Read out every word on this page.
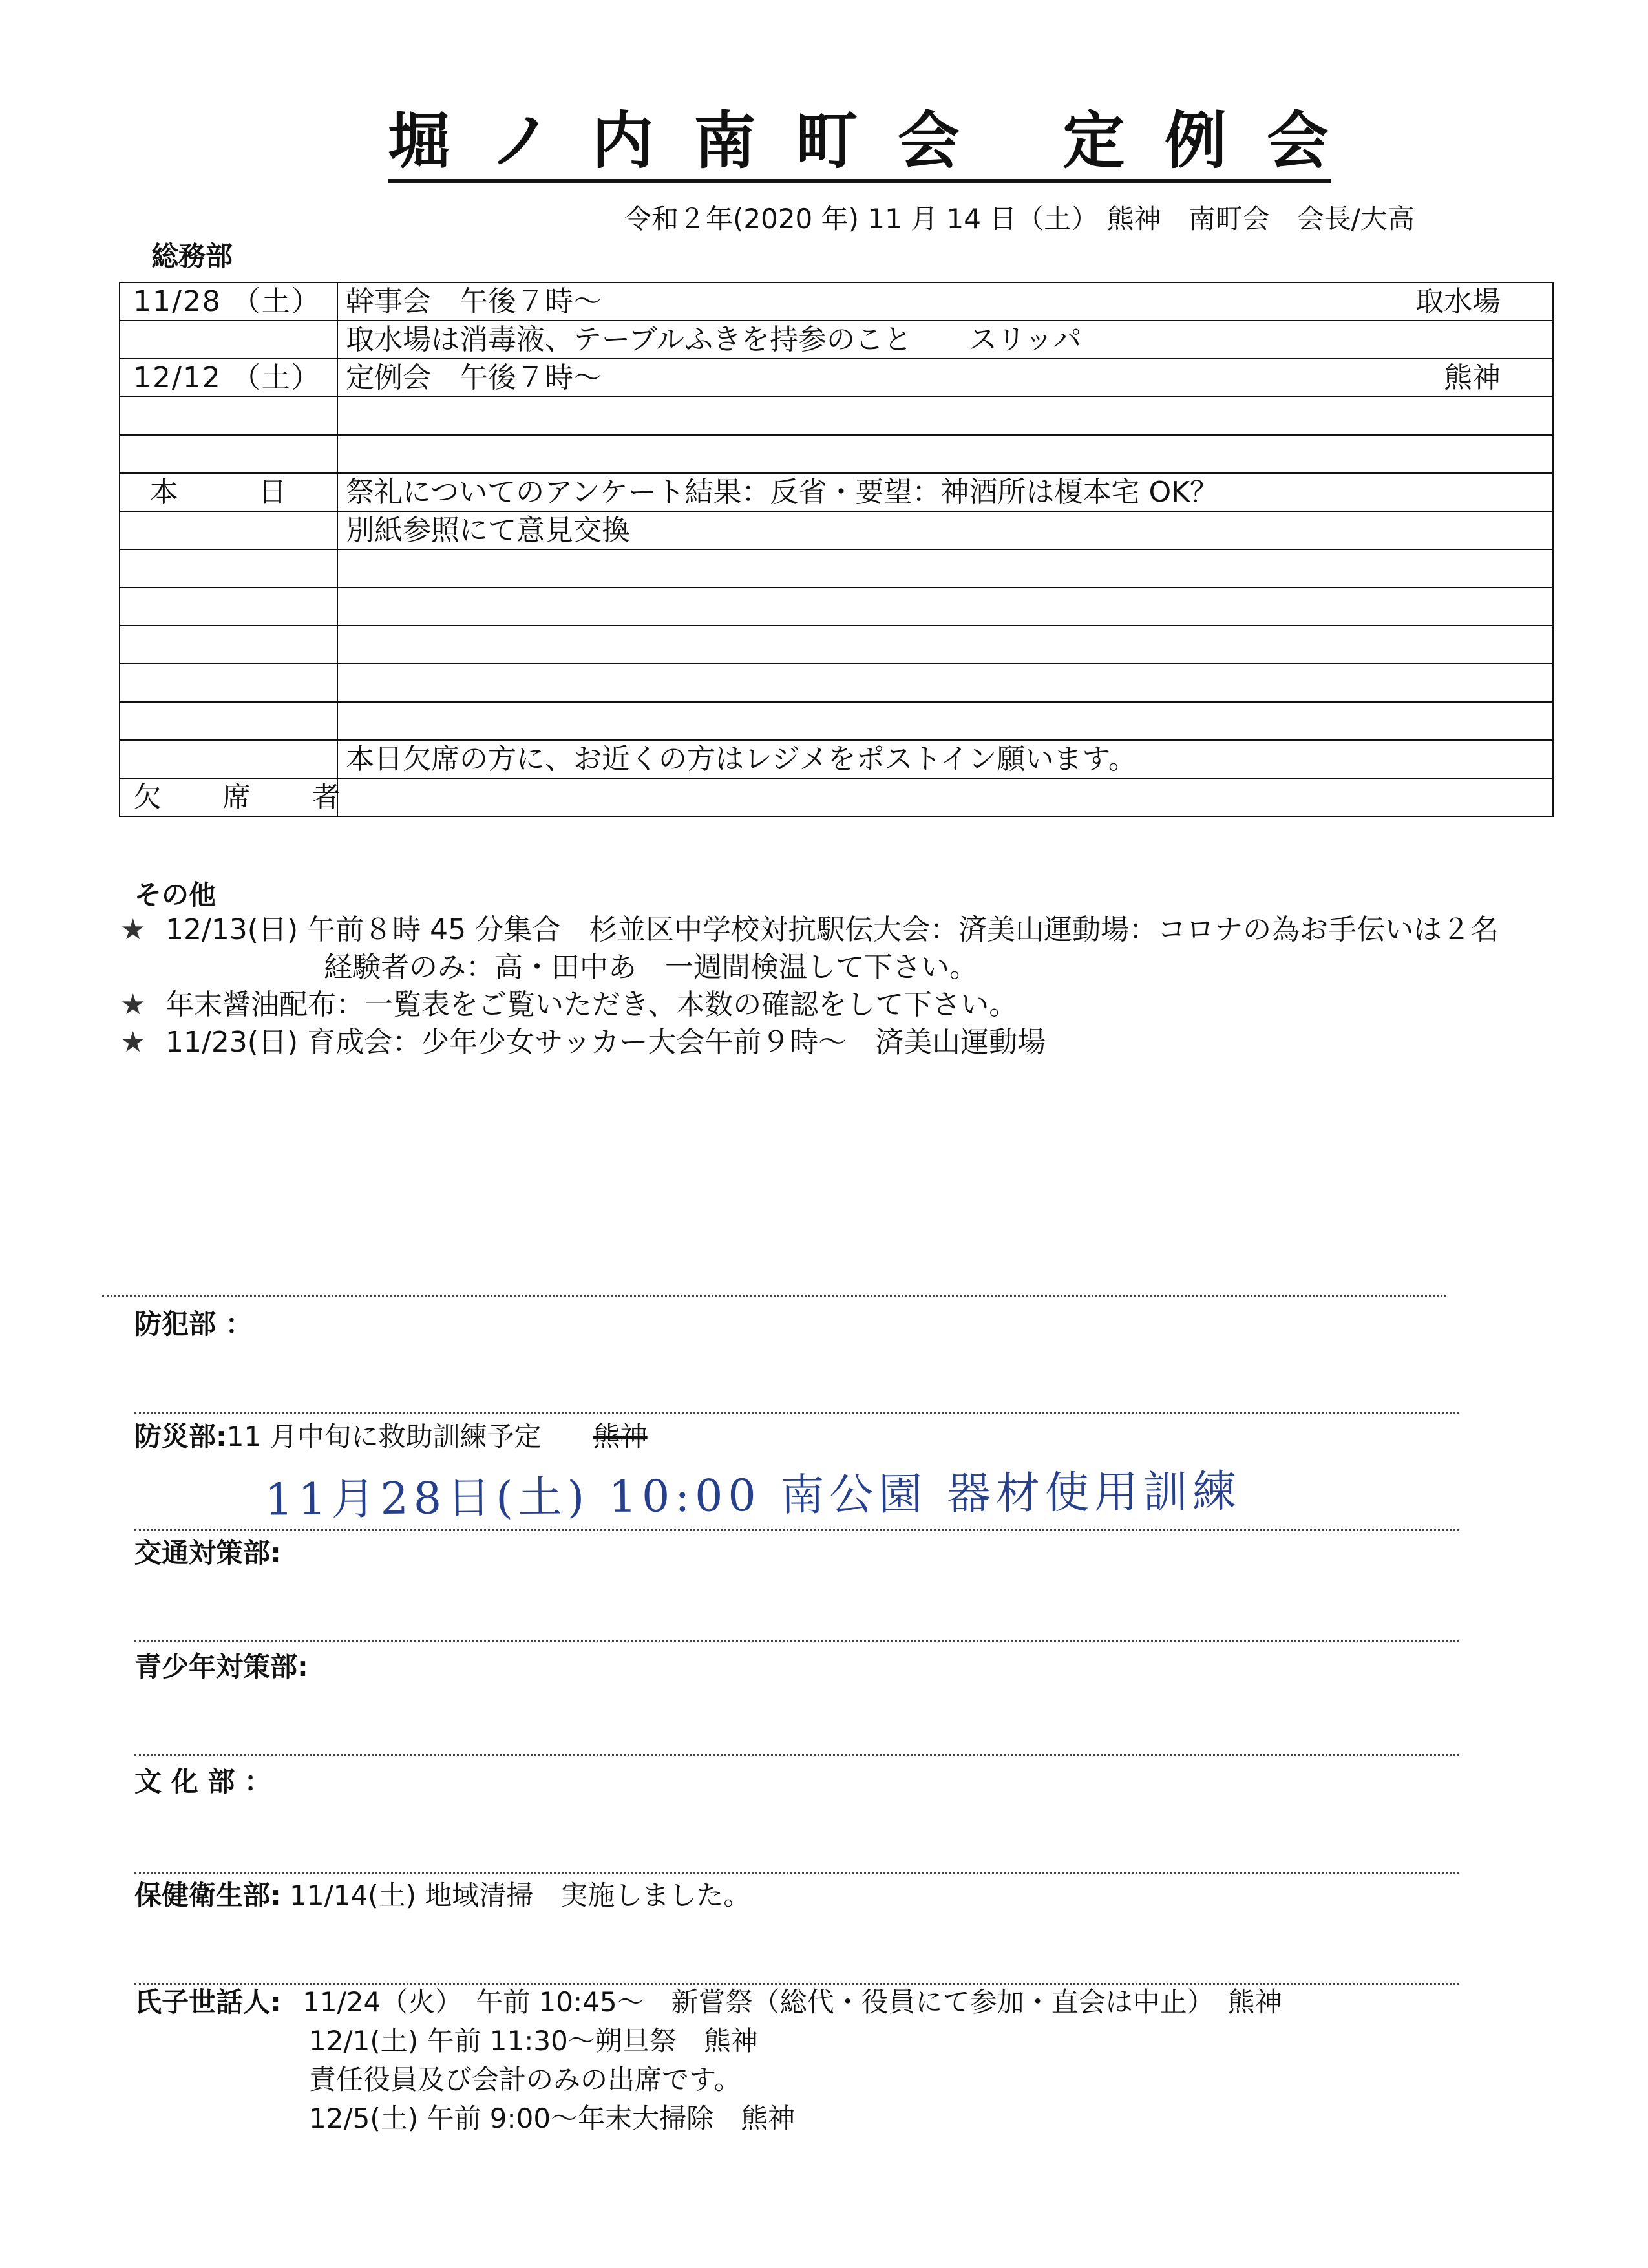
堀 ノ 内 南 町 会 定 例 会
令和２年(2020 年) 11 月 14 日（土） 熊神　南町会　会長/大高
総務部
11/28 （土）	幹事会　午後７時～ 取水場

	取水場は消毒液、テーブルふきを持参のこと　　スリッパ
12/12 （土）	定例会　午後７時～ 熊神

本　日	祭礼についてのアンケート結果：反省・要望：神酒所は榎本宅 OK？
	別紙参照にて意見交換

	本日欠席の方に、お近くの方はレジメをポストイン願います。
欠 席 者	
その他
★ 12/13(日) 午前８時 45 分集合　杉並区中学校対抗駅伝大会：済美山運動場：コロナの為お手伝いは２名
経験者のみ：高・田中あ　一週間検温して下さい。
★ 年末醤油配布：一覧表をご覧いただき、本数の確認をして下さい。
★ 11/23(日) 育成会：少年少女サッカー大会午前９時～　済美山運動場
防犯部 ：
防災部:11 月中旬に救助訓練予定 熊神
11月28日(土) 10:00 南公園 器材使用訓練
交通対策部:
青少年対策部:
文 化 部 ：
保健衛生部: 11/14(土) 地域清掃　実施しました。
氏子世話人: 11/24（火）　午前 10:45～　新嘗祭（総代・役員にて参加・直会は中止）　熊神
12/1(土) 午前 11:30～朔旦祭　熊神
責任役員及び会計のみの出席です。
12/5(土) 午前 9:00～年末大掃除　熊神
